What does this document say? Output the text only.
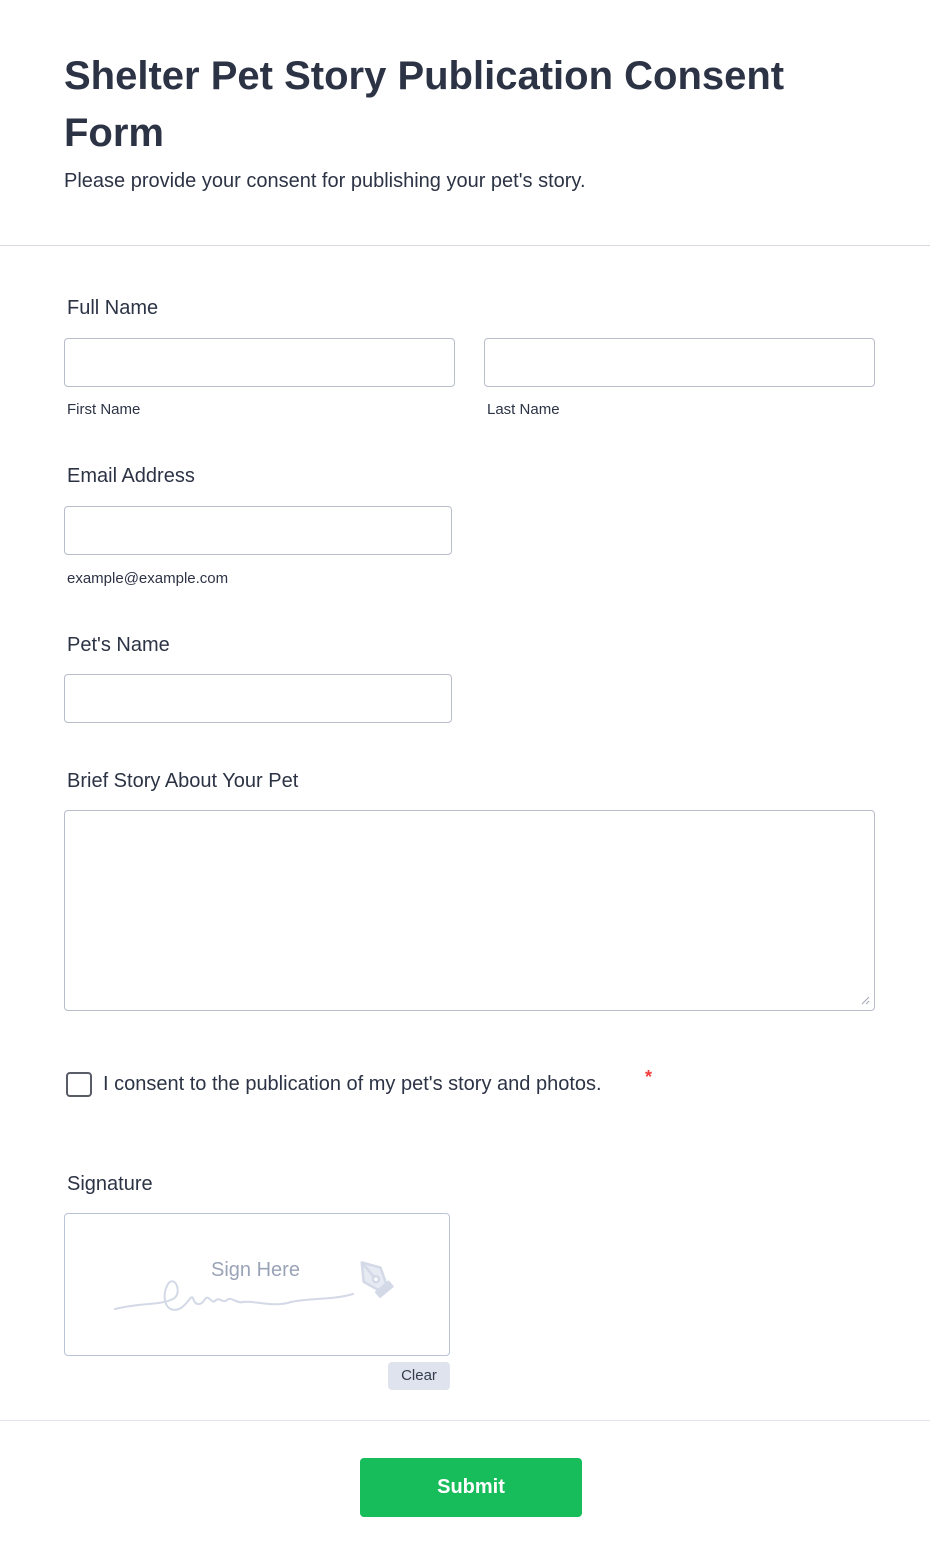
Shelter Pet Story Publication Consent Form
Please provide your consent for publishing your pet's story.
Full Name
First Name	Last Name
Email Address
example@example.com
Pet's Name
Brief Story About Your Pet
I consent to the publication of my pet's story and photos. *
Signature
Sign Here
Clear
Submit
